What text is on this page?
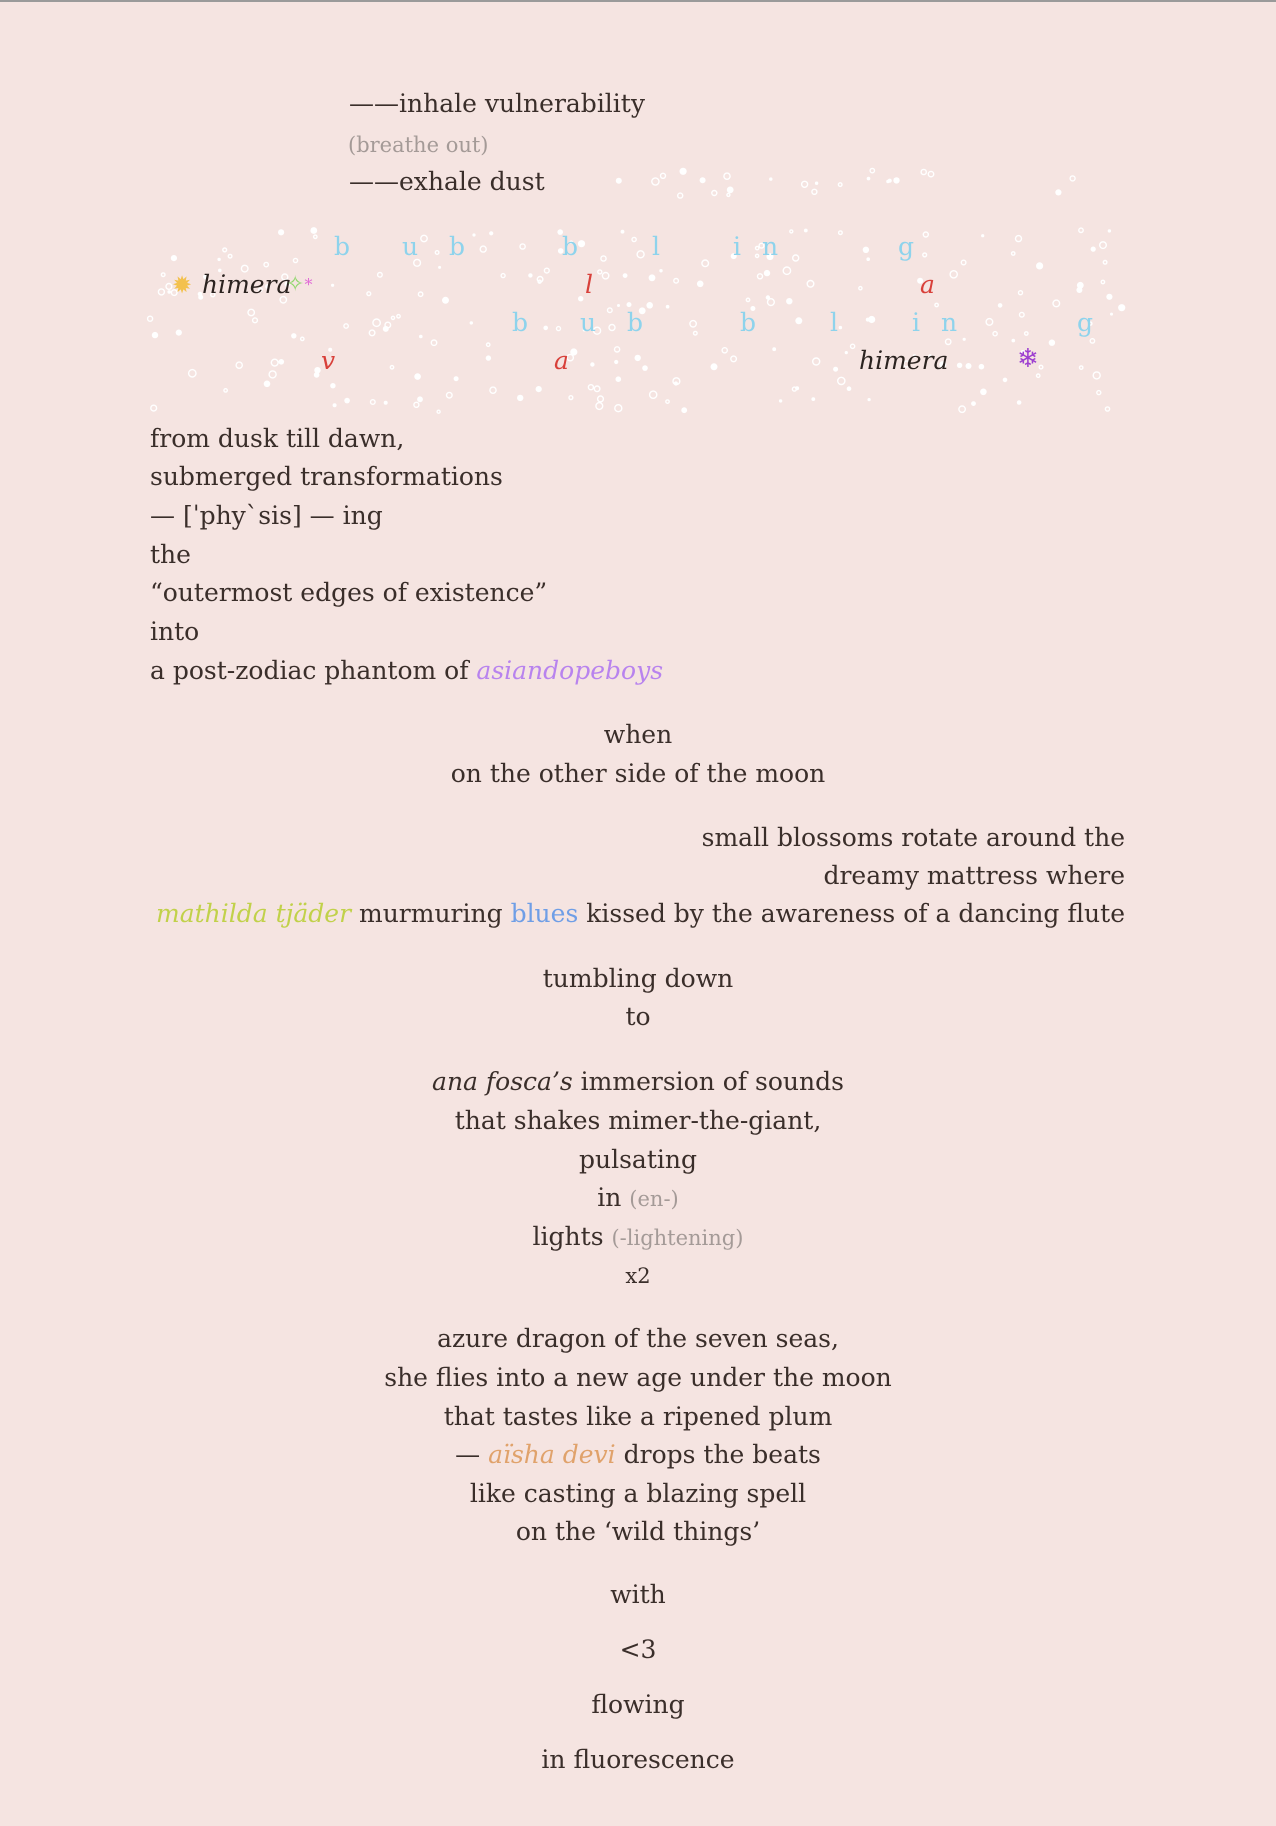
——inhale vulnerability
(breathe out)
——exhale dust
b u b	b	l	i n	g
✹ himera
✧*	l	a
b u b	b	l	i n	g
v	a	himera	❄
from dusk till dawn,
submerged transformations
— [ˈphy`sis] — ing
the
“outermost edges of existence”
into
a post-zodiac phantom of asiandopeboys
when
on the other side of the moon
small blossoms rotate around the
dreamy mattress where
mathilda tjäder murmuring blues kissed by the awareness of a dancing flute
tumbling down
to
ana fosca’s immersion of sounds
that shakes mimer-the-giant,
pulsating
in (en-)
lights (-lightening)
x2
azure dragon of the seven seas,
she flies into a new age under the moon
that tastes like a ripened plum
— aïsha devi drops the beats
like casting a blazing spell
on the ‘wild things’
with
<3
flowing
in fluorescence
